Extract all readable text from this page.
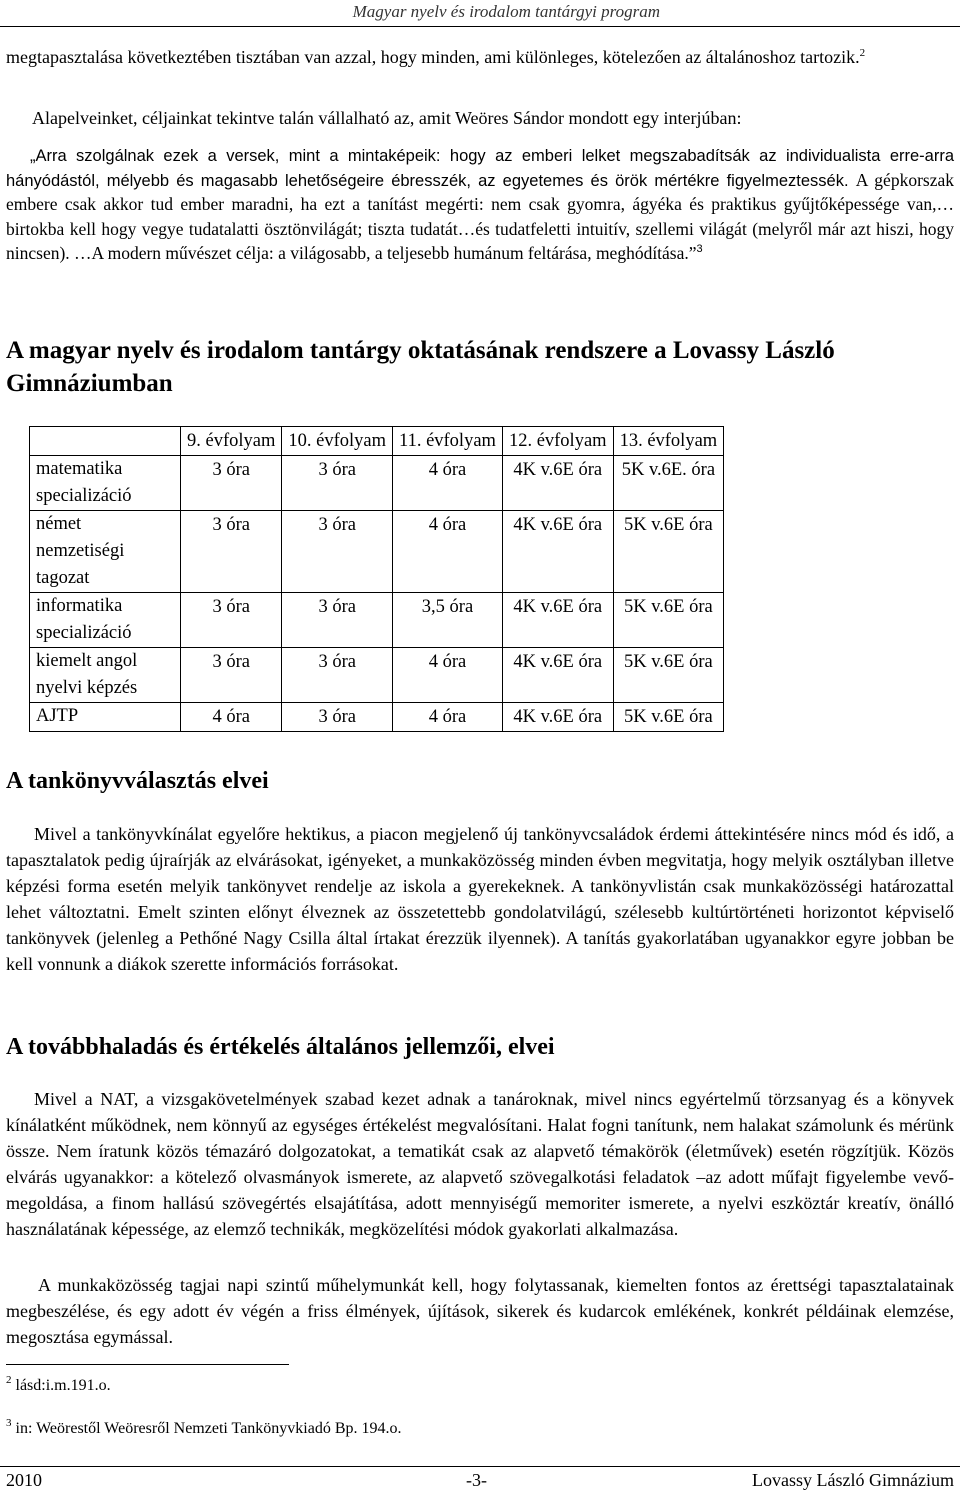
Magyar nyelv és irodalom tantárgyi program
megtapasztalása következtében tisztában van azzal, hogy minden, ami különleges, kötelezően az általánoshoz tartozik.$^2$
Alapelveinket, céljainkat tekintve talán vállalható az, amit Weöres Sándor mondott egy interjúban:
„Arra szolgálnak ezek a versek, mint a mintaképeik: hogy az emberi lelket megszabadítsák az individualista erre-arra hányódástól, mélyebb és magasabb lehetőségeire ébresszék, az egyetemes és örök mértékre figyelmeztessék. A gépkorszak embere csak akkor tud ember maradni, ha ezt a tanítást megérti: nem csak gyomra, ágyéka és praktikus gyűjtőképessége van,… birtokba kell hogy vegye tudatalatti ösztönvilágát; tiszta tudatát…és tudatfeletti intuitív, szellemi világát (melyről már azt hiszi, hogy nincsen). …A modern művészet célja: a világosabb, a teljesebb humánum feltárása, meghódítása.”$^3$
A magyar nyelv és irodalom tantárgy oktatásának rendszere a Lovassy László Gimnáziumban
	9. évfolyam	10. évfolyam	11. évfolyam	12. évfolyam	13. évfolyam
matematika specializáció	3 óra	3 óra	4 óra	4K v.6E óra	5K v.6E. óra
német nemzetiségi tagozat	3 óra	3 óra	4 óra	4K v.6E óra	5K v.6E óra
informatika specializáció	3 óra	3 óra	3,5 óra	4K v.6E óra	5K v.6E óra
kiemelt angol nyelvi képzés	3 óra	3 óra	4 óra	4K v.6E óra	5K v.6E óra
AJTP	4 óra	3 óra	4 óra	4K v.6E óra	5K v.6E óra
A tankönyvválasztás elvei
Mivel a tankönyvkínálat egyelőre hektikus, a piacon megjelenő új tankönyvcsaládok érdemi áttekintésére nincs mód és idő, a tapasztalatok pedig újraírják az elvárásokat, igényeket, a munkaközösség minden évben megvitatja, hogy melyik osztályban illetve képzési forma esetén melyik tankönyvet rendelje az iskola a gyerekeknek. A tankönyvlistán csak munkaközösségi határozattal lehet változtatni. Emelt szinten előnyt élveznek az összetettebb gondolatvilágú, szélesebb kultúrtörténeti horizontot képviselő tankönyvek (jelenleg a Pethőné Nagy Csilla által írtakat érezzük ilyennek). A tanítás gyakorlatában ugyanakkor egyre jobban be kell vonnunk a diákok szerette információs forrásokat.
A továbbhaladás és értékelés általános jellemzői, elvei
Mivel a NAT, a vizsgakövetelmények szabad kezet adnak a tanároknak, mivel nincs egyértelmű törzsanyag és a könyvek kínálatként működnek, nem könnyű az egységes értékelést megvalósítani. Halat fogni tanítunk, nem halakat számolunk és mérünk össze. Nem íratunk közös témazáró dolgozatokat, a tematikát csak az alapvető témakörök (életművek) esetén rögzítjük. Közös elvárás ugyanakkor: a kötelező olvasmányok ismerete, az alapvető szövegalkotási feladatok –az adott műfajt figyelembe vevő- megoldása, a finom hallású szövegértés elsajátítása, adott mennyiségű memoriter ismerete, a nyelvi eszköztár kreatív, önálló használatának képessége, az elemző technikák, megközelítési módok gyakorlati alkalmazása.
A munkaközösség tagjai napi szintű műhelymunkát kell, hogy folytassanak, kiemelten fontos az érettségi tapasztalatainak megbeszélése, és egy adott év végén a friss élmények, újítások, sikerek és kudarcok emlékének, konkrét példáinak elemzése, megosztása egymással.
$^2$ lásd:i.m.191.o.
$^3$ in: Weörestől Weöresről Nemzeti Tankönyvkiadó Bp. 194.o.
2010	-3-	Lovassy László Gimnázium
